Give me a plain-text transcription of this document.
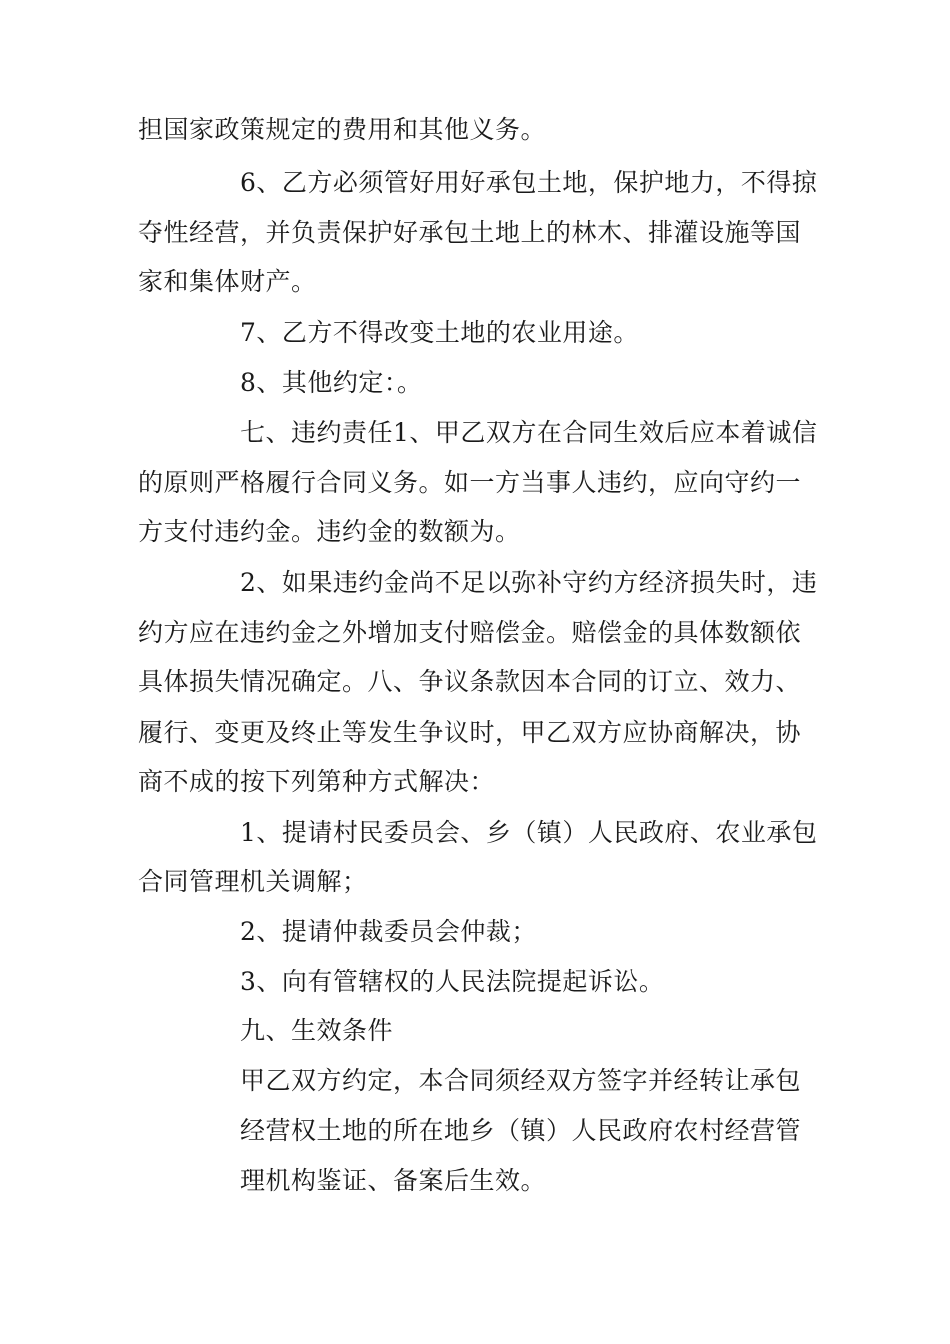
担国家政策规定的费用和其他义务。
6、乙方必须管好用好承包土地，保护地力，不得掠
夺性经营，并负责保护好承包土地上的林木、排灌设施等国
家和集体财产。
7、乙方不得改变土地的农业用途。
8、其他约定：。
七、违约责任1、甲乙双方在合同生效后应本着诚信
的原则严格履行合同义务。如一方当事人违约，应向守约一
方支付违约金。违约金的数额为。
2、如果违约金尚不足以弥补守约方经济损失时，违
约方应在违约金之外增加支付赔偿金。赔偿金的具体数额依
具体损失情况确定。八、争议条款因本合同的订立、效力、
履行、变更及终止等发生争议时，甲乙双方应协商解决，协
商不成的按下列第种方式解决：
1、提请村民委员会、乡（镇）人民政府、农业承包
合同管理机关调解；
2、提请仲裁委员会仲裁；
3、向有管辖权的人民法院提起诉讼。
九、生效条件
甲乙双方约定，本合同须经双方签字并经转让承包
经营权土地的所在地乡（镇）人民政府农村经营管
理机构鉴证、备案后生效。
